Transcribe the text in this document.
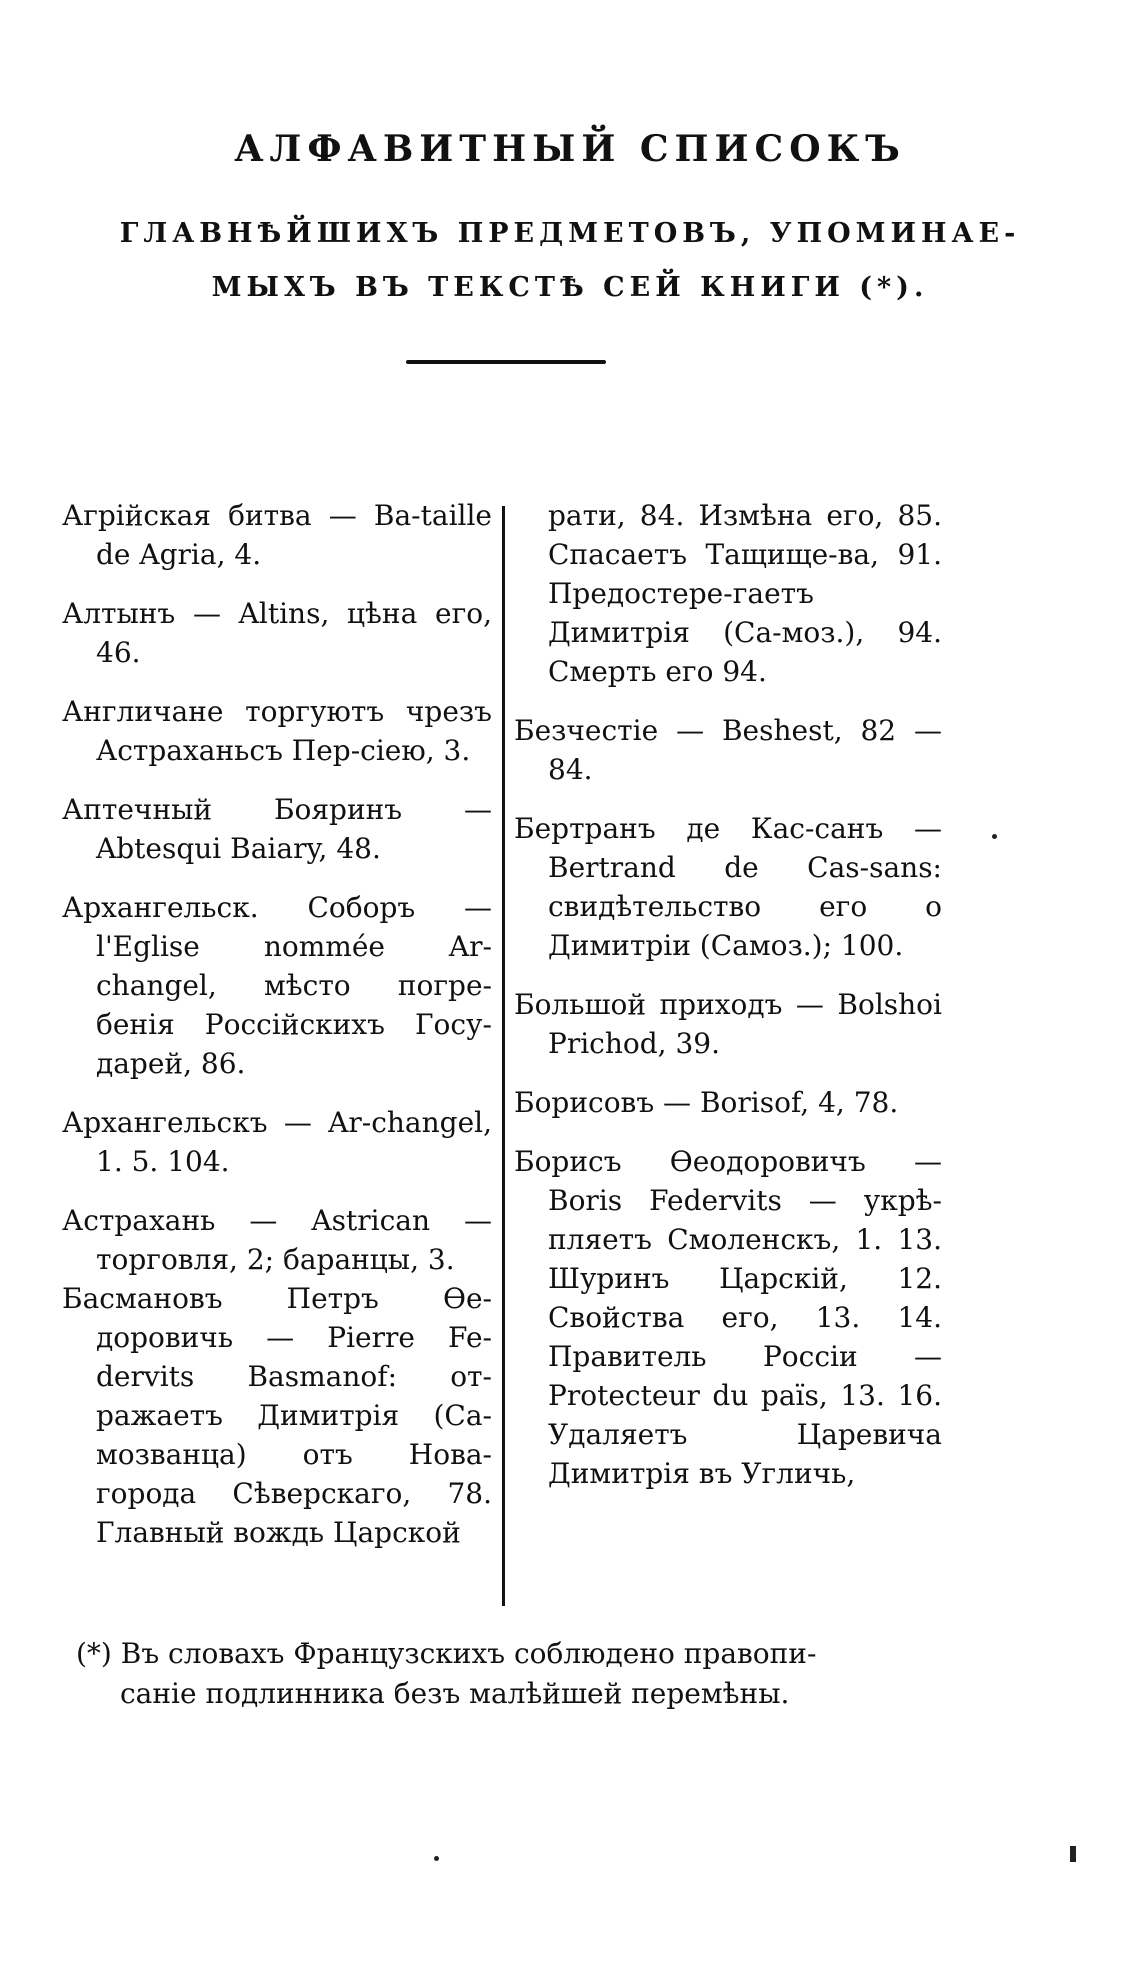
АЛФАВИТНЫЙ СПИСОКЪ
ГЛАВНѢЙШИХЪ ПРЕДМЕТОВЪ, УПОМИНАЕ-
МЫХЪ ВЪ ТЕКСТѢ СЕЙ КНИГИ (*).

Агрійская битва — Ba-taille de Agria, 4.

Алтынъ — Altins, цѣна его, 46.

Англичане торгуютъ чрезъ Астраханьсъ Пер-сіею, 3.

Аптечный Бояринъ — Abtesqui Baiary, 48.

Архангельск. Соборъ — l'Eglise nommée Ar-changel, мѣсто погре-бенія Россійскихъ Госу-дарей, 86.

Архангельскъ — Ar-changel, 1. 5. 104.

Астрахань — Astrican — торговля, 2; баранцы, 3.

Басмановъ Петръ Ѳе-доровичь — Pierre Fe-dervits Basmanof: от-ражаетъ Димитрія (Са-мозванца) отъ Нова-города Сѣверскаго, 78. Главный вождь Царской

рати, 84. Измѣна его, 85. Спасаетъ Тащище-ва, 91. Предостере-гаетъ Димитрія (Са-моз.), 94. Смерть его 94.

Безчестіе — Beshest, 82 — 84.

Бертранъ де Кас-санъ — Bertrand de Cas-sans: свидѣтельство его о Димитріи (Самоз.); 100.

Большой приходъ — Bolshoi Prichod, 39.

Борисовъ — Borisof, 4, 78.

Борисъ Ѳеодоровичъ — Boris Federvits — укрѣ-пляетъ Смоленскъ, 1. 13. Шуринъ Царскій, 12. Свойства его, 13. 14. Правитель Россіи — Protecteur du païs, 13. 16. Удаляетъ Царевича Димитрія въ Угличь,

(*) Въ словахъ Французскихъ соблюдено правопи-
саніе подлинника безъ малѣйшей перемѣны.
